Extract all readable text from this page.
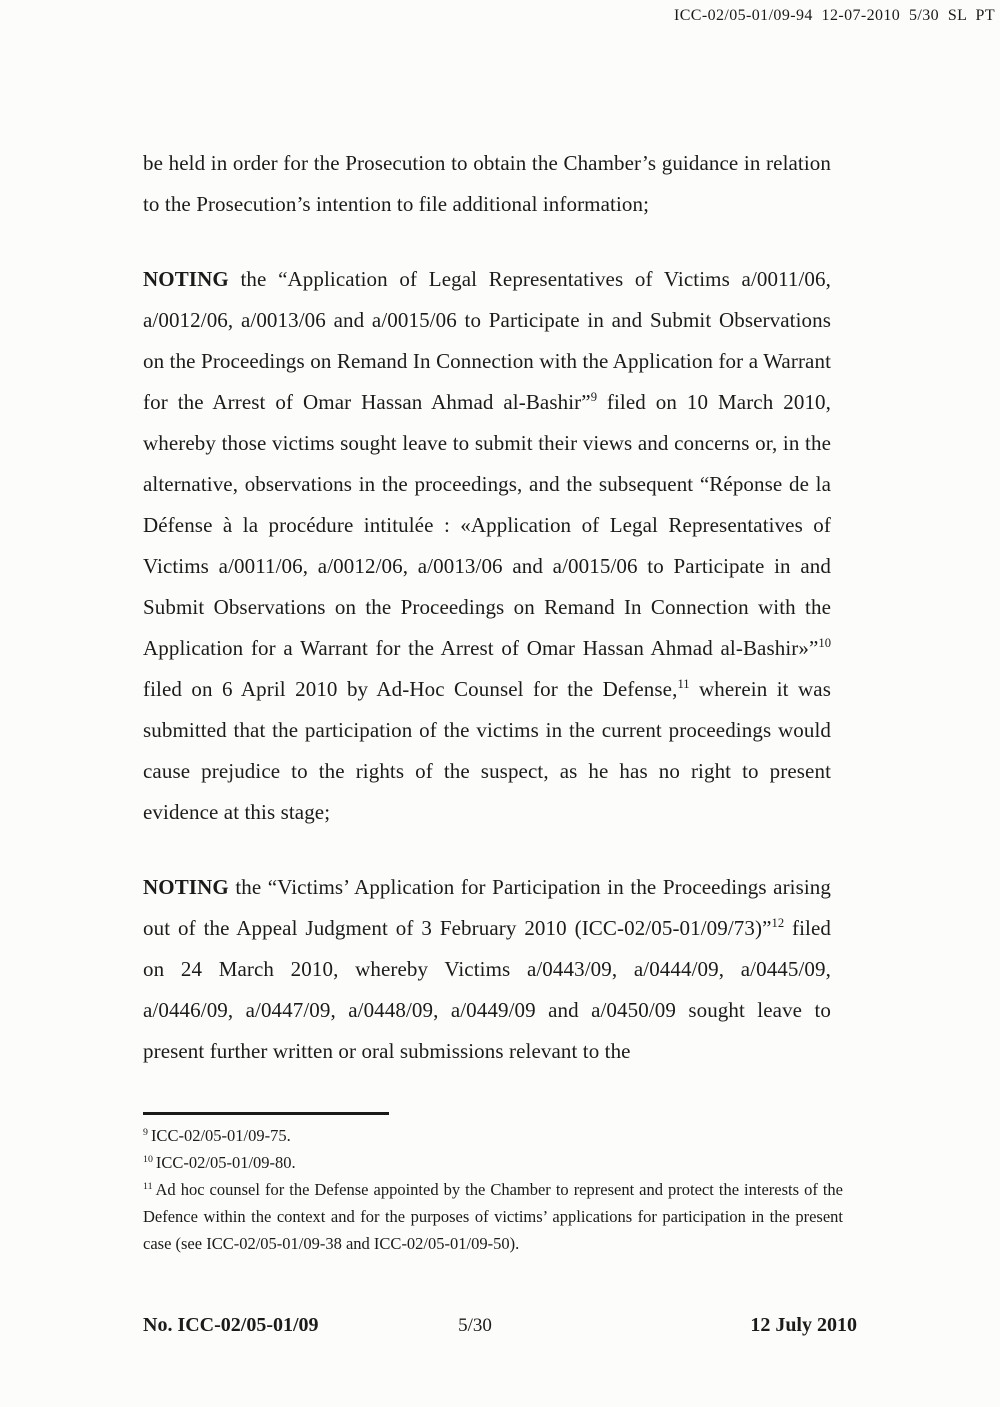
ICC-02/05-01/09-94  12-07-2010  5/30  SL  PT

be held in order for the Prosecution to obtain the Chamber’s guidance in relation to the Prosecution’s intention to file additional information;

NOTING the “Application of Legal Representatives of Victims a/0011/06, a/0012/06, a/0013/06 and a/0015/06 to Participate in and Submit Observations on the Proceedings on Remand In Connection with the Application for a Warrant for the Arrest of Omar Hassan Ahmad al-Bashir”$^9$ filed on 10 March 2010, whereby those victims sought leave to submit their views and concerns or, in the alternative, observations in the proceedings, and the subsequent “Réponse de la Défense à la procédure intitulée : «Application of Legal Representatives of Victims a/0011/06, a/0012/06, a/0013/06 and a/0015/06 to Participate in and Submit Observations on the Proceedings on Remand In Connection with the Application for a Warrant for the Arrest of Omar Hassan Ahmad al-Bashir»”$^{10}$ filed on 6 April 2010 by Ad-Hoc Counsel for the Defense,$^{11}$ wherein it was submitted that the participation of the victims in the current proceedings would cause prejudice to the rights of the suspect, as he has no right to present evidence at this stage;

NOTING the “Victims’ Application for Participation in the Proceedings arising out of the Appeal Judgment of 3 February 2010 (ICC-02/05-01/09/73)”$^{12}$ filed on 24 March 2010, whereby Victims a/0443/09, a/0444/09, a/0445/09, a/0446/09, a/0447/09, a/0448/09, a/0449/09 and a/0450/09 sought leave to present further written or oral submissions relevant to the

$^9$ ICC-02/05-01/09-75.
$^{10}$ ICC-02/05-01/09-80.
$^{11}$ Ad hoc counsel for the Defense appointed by the Chamber to represent and protect the interests of the Defence within the context and for the purposes of victims’ applications for participation in the present case (see ICC-02/05-01/09-38 and ICC-02/05-01/09-50).
No. ICC-02/05-01/09	5/30	12 July 2010
